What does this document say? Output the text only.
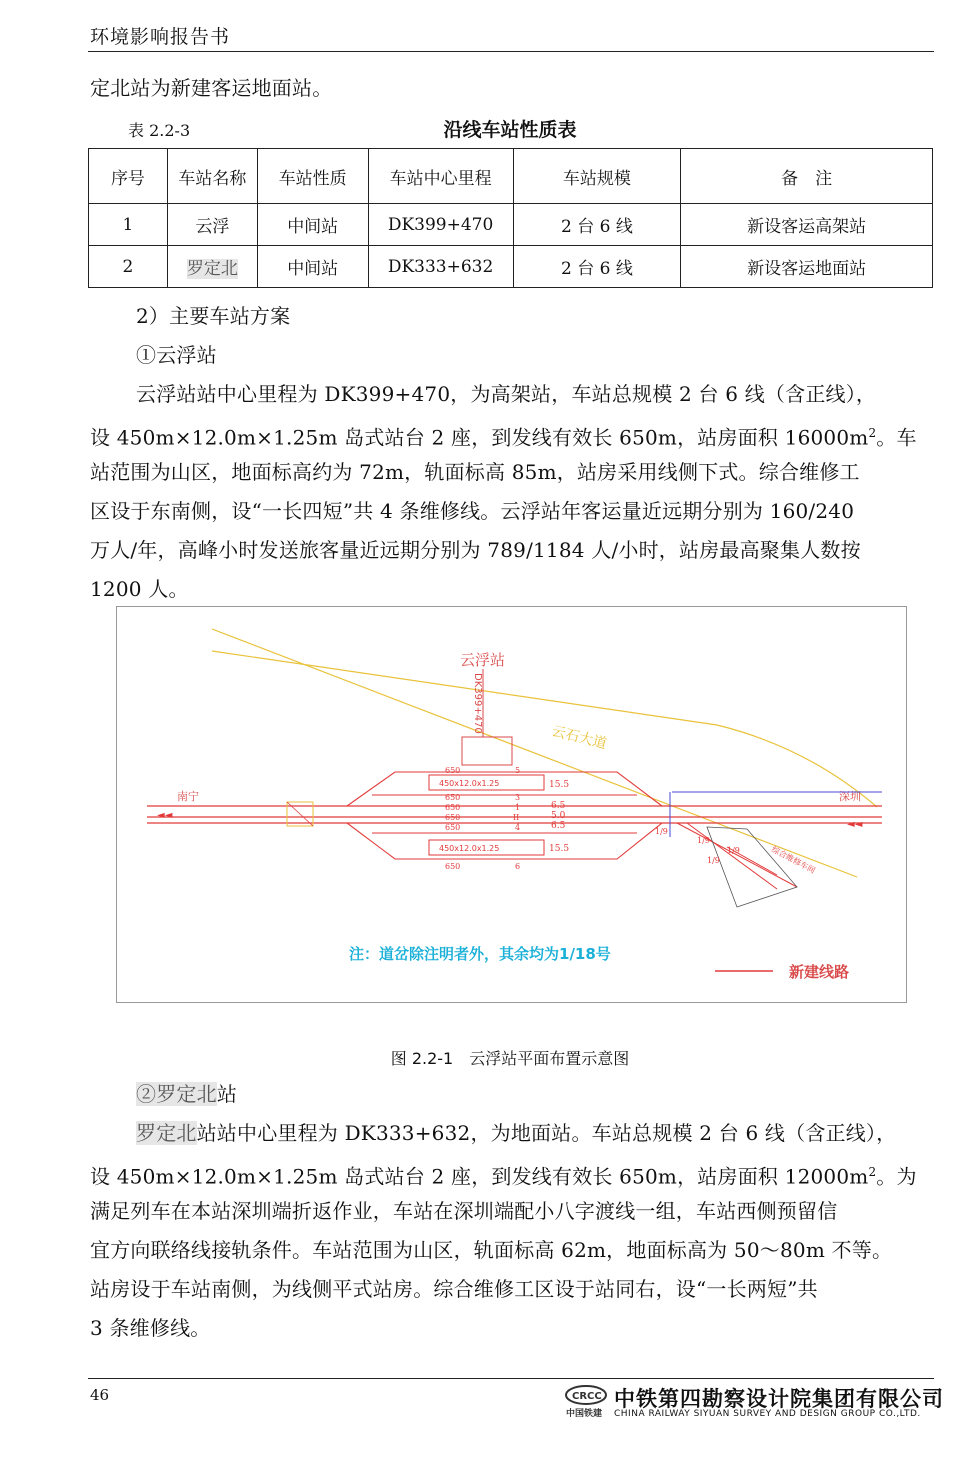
环境影响报告书
定北站为新建客运地面站。
表 2.2-3	沿线车站性质表
序号	车站名称	车站性质	车站中心里程	车站规模	备　注
1	云浮	中间站	DK399+470	2 台 6 线	新设客运高架站
2	罗定北	中间站	DK333+632	2 台 6 线	新设客运地面站
2）主要车站方案
①云浮站
云浮站站中心里程为 DK399+470，为高架站，车站总规模 2 台 6 线（含正线），
设 450m×12.0m×1.25m 岛式站台 2 座，到发线有效长 650m，站房面积 $16000m^2$。车
站范围为山区，地面标高约为 72m，轨面标高 85m，站房采用线侧下式。综合维修工
区设于东南侧，设“一长四短”共 4 条维修线。云浮站年客运量近远期分别为 160/240
万人/年，高峰小时发送旅客量近远期分别为 789/1184 人/小时，站房最高聚集人数按
1200 人。
云石大道
云浮站
DK399+470
450x12.0x1.25
450x12.0x1.25
5
3
1
II
4
6
650
650
650
650
650
650
15.5
6.5
5.0
6.5
15.5
南宁
◄◄
深圳
◄◄
1/9
1/9
1/9
1/9	综合维修车间
注：道岔除注明者外，其余均为1/18号
新建线路
图 2.2-1　云浮站平面布置示意图
②罗定北站
罗定北站站中心里程为 DK333+632，为地面站。车站总规模 2 台 6 线（含正线），
设 450m×12.0m×1.25m 岛式站台 2 座，到发线有效长 650m，站房面积 $12000m^2$。为
满足列车在本站深圳端折返作业，车站在深圳端配小八字渡线一组，车站西侧预留信
宜方向联络线接轨条件。车站范围为山区，轨面标高 62m，地面标高为 50～80m 不等。
站房设于车站南侧，为线侧平式站房。综合维修工区设于站同右，设“一长两短”共
3 条维修线。
46	CRCC
中国铁建
中铁第四勘察设计院集团有限公司
CHINA RAILWAY SIYUAN SURVEY AND DESIGN GROUP CO.,LTD.
